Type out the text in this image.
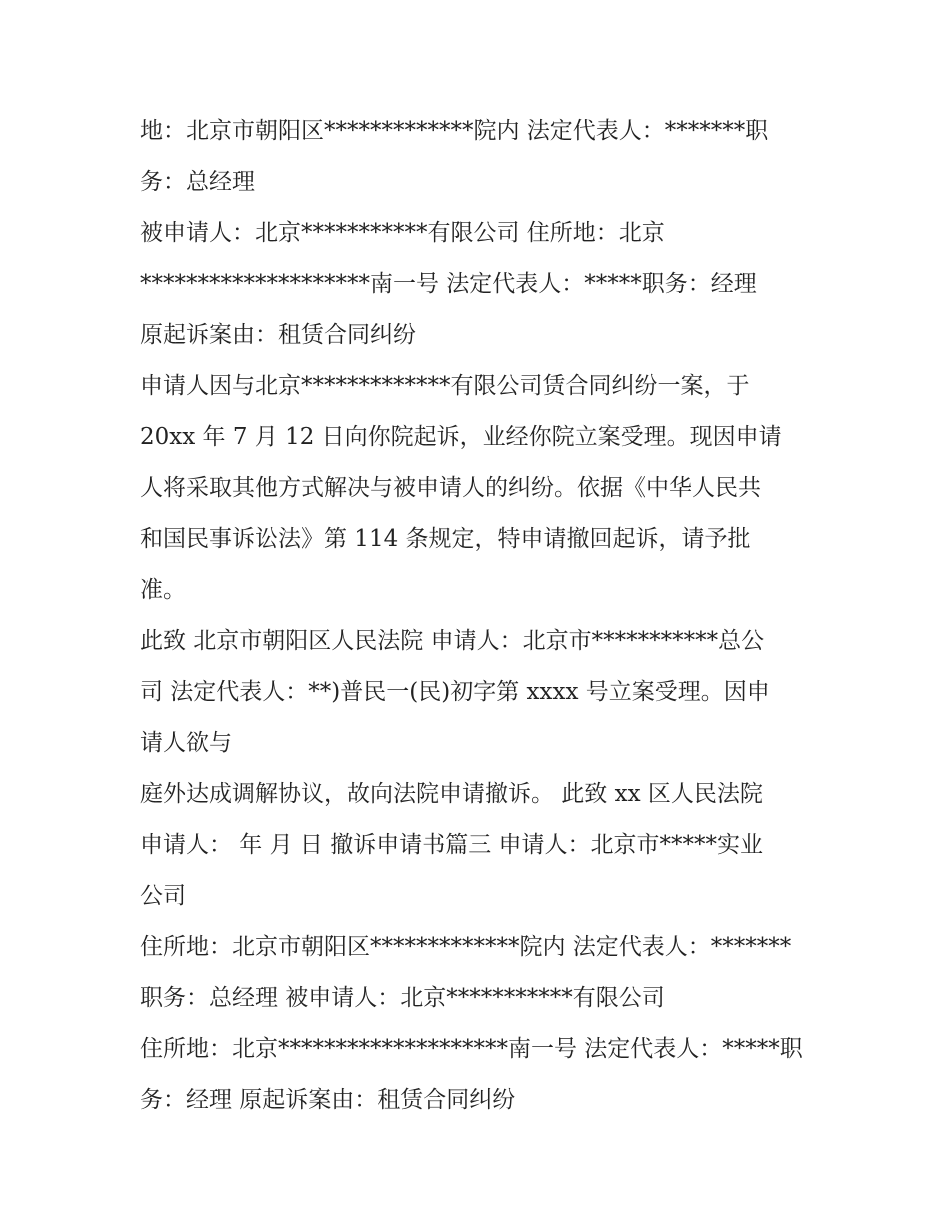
地：北京市朝阳区*************院内 法定代表人：*******职
务：总经理
被申请人：北京***********有限公司 住所地：北京
********************南一号 法定代表人：*****职务：经理
原起诉案由：租赁合同纠纷
申请人因与北京*************有限公司赁合同纠纷一案，于
20xx 年 7 月 12 日向你院起诉，业经你院立案受理。现因申请
人将采取其他方式解决与被申请人的纠纷。依据《中华人民共
和国民事诉讼法》第 114 条规定，特申请撤回起诉，请予批
准。
此致 北京市朝阳区人民法院 申请人：北京市***********总公
司 法定代表人：**)普民一(民)初字第 xxxx 号立案受理。因申
请人欲与
庭外达成调解协议，故向法院申请撤诉。 此致 xx 区人民法院
申请人： 年 月 日 撤诉申请书篇三 申请人：北京市*****实业
公司
住所地：北京市朝阳区*************院内 法定代表人：*******
职务：总经理 被申请人：北京***********有限公司
住所地：北京********************南一号 法定代表人：*****职
务：经理 原起诉案由：租赁合同纠纷
